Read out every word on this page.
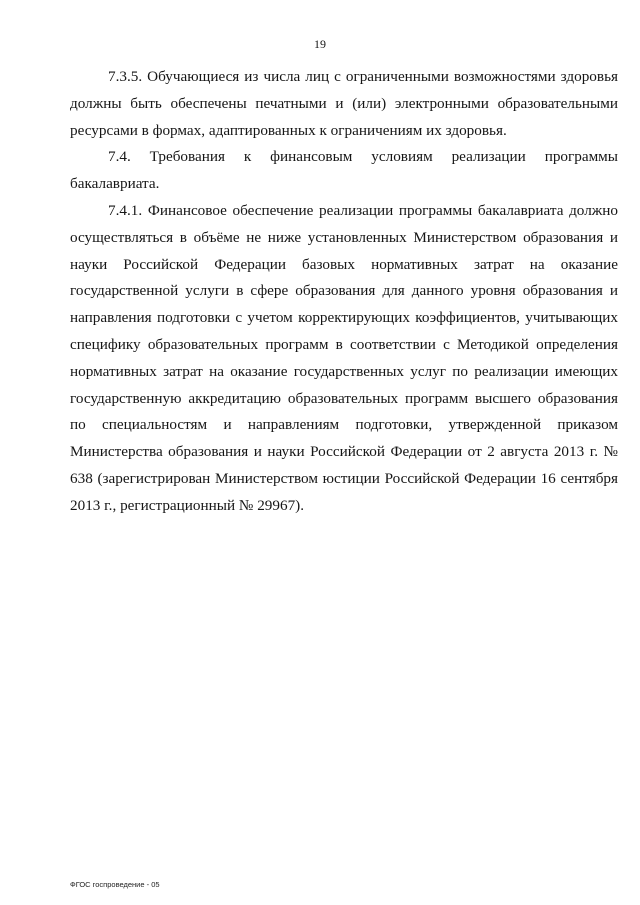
19

7.3.5. Обучающиеся из числа лиц с ограниченными возможностями здоровья должны быть обеспечены печатными и (или) электронными образовательными ресурсами в формах, адаптированных к ограничениям их здоровья.

7.4. Требования к финансовым условиям реализации программы бакалавриата.

7.4.1. Финансовое обеспечение реализации программы бакалавриата должно осуществляться в объёме не ниже установленных Министерством образования и науки Российской Федерации базовых нормативных затрат на оказание государственной услуги в сфере образования для данного уровня образования и направления подготовки с учетом корректирующих коэффициентов, учитывающих специфику образовательных программ в соответствии с Методикой определения нормативных затрат на оказание государственных услуг по реализации имеющих государственную аккредитацию образовательных программ высшего образования по специальностям и направлениям подготовки, утвержденной приказом Министерства образования и науки Российской Федерации от 2 августа 2013 г. № 638 (зарегистрирован Министерством юстиции Российской Федерации 16 сентября 2013 г., регистрационный № 29967).

ФГОС госпроведение - 05
